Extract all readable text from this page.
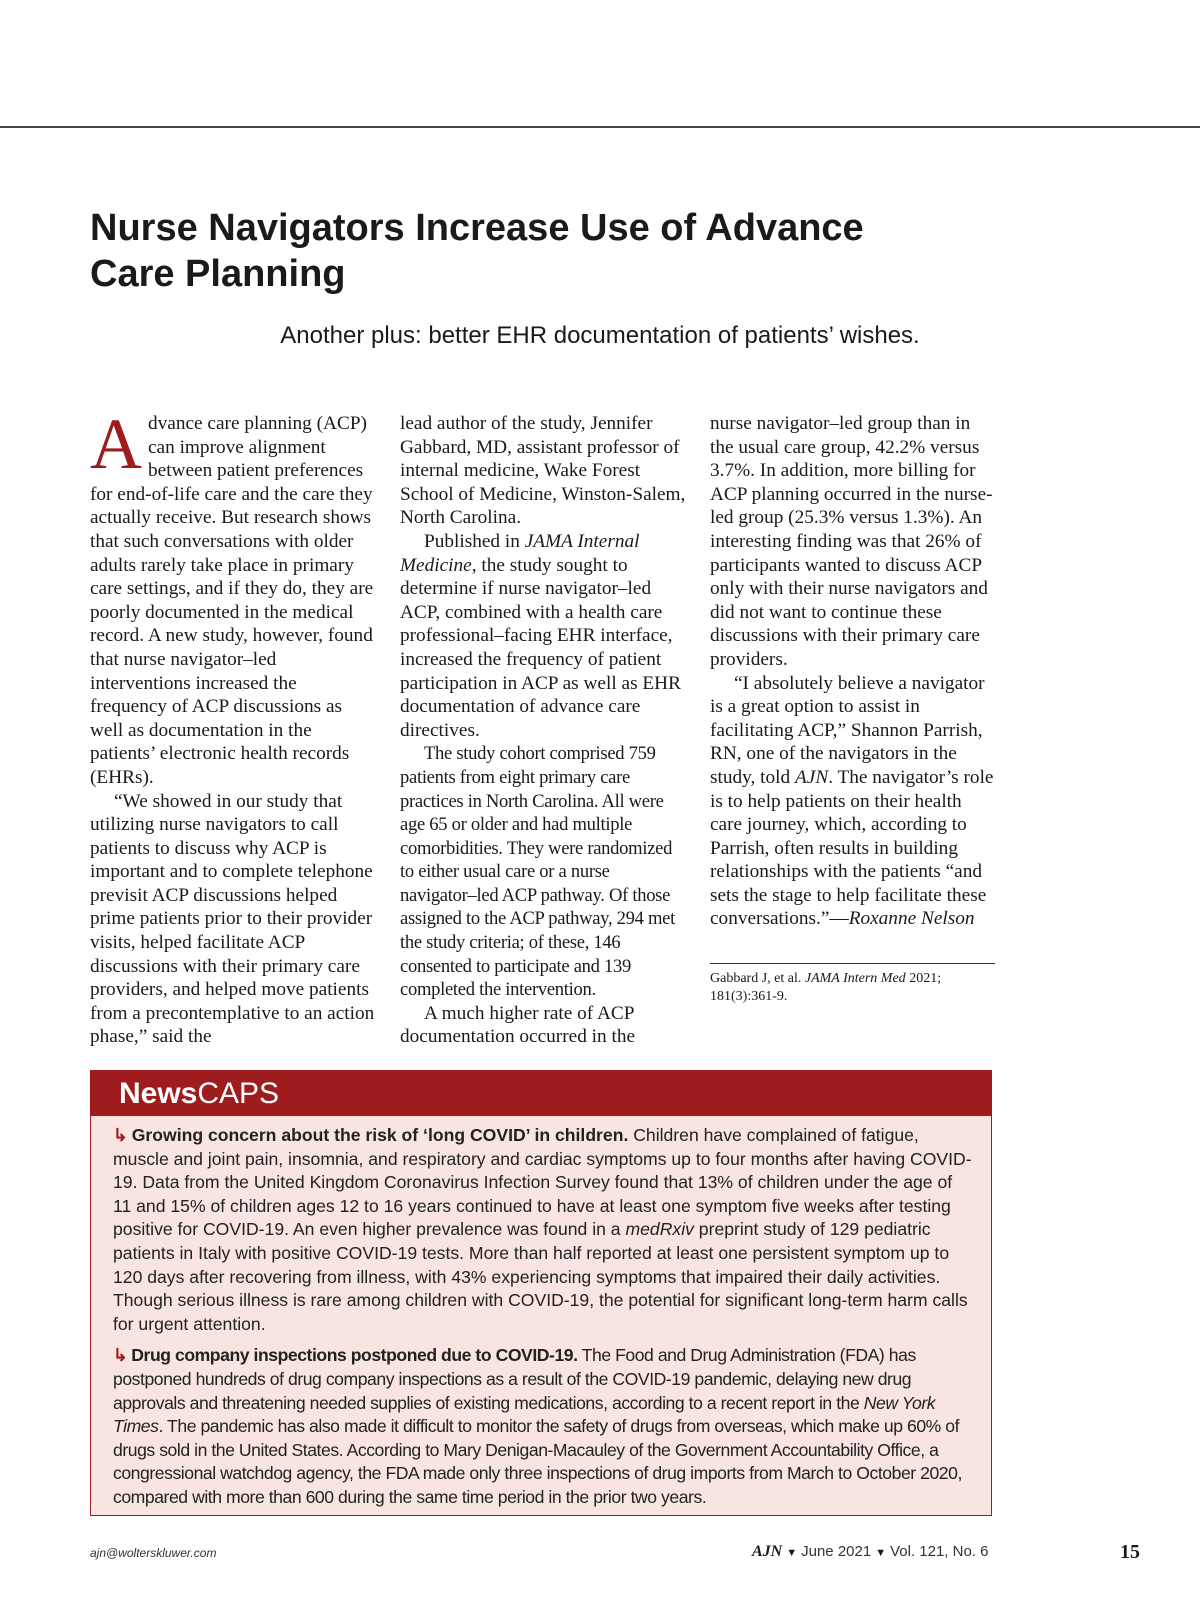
Nurse Navigators Increase Use of Advance Care Planning
Another plus: better EHR documentation of patients’ wishes.

Advance care planning (ACP) can improve alignment between patient preferences for end-of-life care and the care they actually receive. But research shows that such conversations with older adults rarely take place in primary care settings, and if they do, they are poorly documented in the medical record. A new study, however, found that nurse navigator–led interventions increased the frequency of ACP discussions as well as documentation in the patients’ electronic health records (EHRs).

“We showed in our study that utilizing nurse navigators to call patients to discuss why ACP is important and to complete telephone previsit ACP discussions helped prime patients prior to their provider visits, helped facilitate ACP discussions with their primary care providers, and helped move patients from a precontemplative to an action phase,” said the

lead author of the study, Jennifer Gabbard, MD, assistant professor of internal medicine, Wake Forest School of Medicine, Winston-Salem, North Carolina.

Published in JAMA Internal Medicine, the study sought to determine if nurse navigator–led ACP, combined with a health care professional–facing EHR interface, increased the frequency of patient participation in ACP as well as EHR documentation of advance care directives.

The study cohort comprised 759 patients from eight primary care practices in North Carolina. All were age 65 or older and had multiple comorbidities. They were randomized to either usual care or a nurse navigator–led ACP pathway. Of those assigned to the ACP pathway, 294 met the study criteria; of these, 146 consented to participate and 139 completed the intervention.

A much higher rate of ACP documentation occurred in the

nurse navigator–led group than in the usual care group, 42.2% versus 3.7%. In addition, more billing for ACP planning occurred in the nurse-led group (25.3% versus 1.3%). An interesting finding was that 26% of participants wanted to discuss ACP only with their nurse navigators and did not want to continue these discussions with their primary care providers.

“I absolutely believe a navigator is a great option to assist in facilitating ACP,” Shannon Parrish, RN, one of the navigators in the study, told AJN. The navigator’s role is to help patients on their health care journey, which, according to Parrish, often results in building relationships with the patients “and sets the stage to help facilitate these conversations.”—Roxanne Nelson

Gabbard J, et al. JAMA Intern Med 2021; 181(3):361-9.
NewsCAPS

↳ Growing concern about the risk of ‘long COVID’ in children. Children have complained of fatigue, muscle and joint pain, insomnia, and respiratory and cardiac symptoms up to four months after having COVID-19. Data from the United Kingdom Coronavirus Infection Survey found that 13% of children under the age of 11 and 15% of children ages 12 to 16 years continued to have at least one symptom five weeks after testing positive for COVID-19. An even higher prevalence was found in a medRxiv preprint study of 129 pediatric patients in Italy with positive COVID-19 tests. More than half reported at least one persistent symptom up to 120 days after recovering from illness, with 43% experiencing symptoms that impaired their daily activities. Though serious illness is rare among children with COVID-19, the potential for significant long-term harm calls for urgent attention.

↳ Drug company inspections postponed due to COVID-19. The Food and Drug Administration (FDA) has postponed hundreds of drug company inspections as a result of the COVID-19 pandemic, delaying new drug approvals and threatening needed supplies of existing medications, according to a recent report in the New York Times. The pandemic has also made it difficult to monitor the safety of drugs from overseas, which make up 60% of drugs sold in the United States. According to Mary Denigan-Macauley of the Government Accountability Office, a congressional watchdog agency, the FDA made only three inspections of drug imports from March to October 2020, compared with more than 600 during the same time period in the prior two years.

ajn@wolterskluwer.com	AJN ▼ June 2021 ▼ Vol. 121, No. 6	15
